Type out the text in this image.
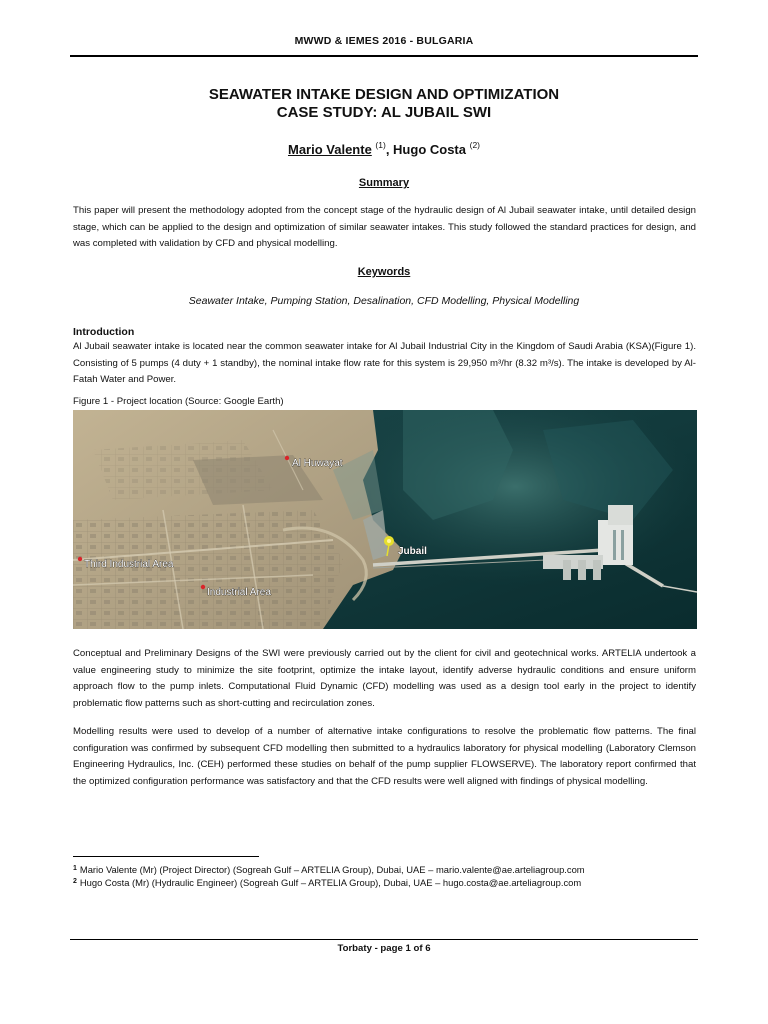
MWWD & IEMES 2016 - BULGARIA
SEAWATER INTAKE DESIGN AND OPTIMIZATION
CASE STUDY: AL JUBAIL SWI
Mario Valente $^{(1)}$, Hugo Costa $^{(2)}$
Summary

This paper will present the methodology adopted from the concept stage of the hydraulic design of Al Jubail seawater intake, until detailed design stage, which can be applied to the design and optimization of similar seawater intakes. This study followed the standard practices for design, and was completed with validation by CFD and physical modelling.

Keywords
Seawater Intake, Pumping Station, Desalination, CFD Modelling, Physical Modelling
Introduction

Al Jubail seawater intake is located near the common seawater intake for Al Jubail Industrial City in the Kingdom of Saudi Arabia (KSA)(Figure 1). Consisting of 5 pumps (4 duty + 1 standby), the nominal intake flow rate for this system is 29,950 m³/hr (8.32 m³/s). The intake is developed by Al-Fatah Water and Power.

Figure 1 - Project location (Source: Google Earth)
Al Huwayat
Jubail
Third Industrial Area
Industrial Area

Conceptual and Preliminary Designs of the SWI were previously carried out by the client for civil and geotechnical works. ARTELIA undertook a value engineering study to minimize the site footprint, optimize the intake layout, identify adverse hydraulic conditions and ensure uniform approach flow to the pump inlets. Computational Fluid Dynamic (CFD) modelling was used as a design tool early in the project to identify problematic flow patterns such as short-cutting and recirculation zones.

Modelling results were used to develop of a number of alternative intake configurations to resolve the problematic flow patterns. The final configuration was confirmed by subsequent CFD modelling then submitted to a hydraulics laboratory for physical modelling (Laboratory Clemson Engineering Hydraulics, Inc. (CEH) performed these studies on behalf of the pump supplier FLOWSERVE). The laboratory report confirmed that the optimized configuration performance was satisfactory and that the CFD results were well aligned with findings of physical modelling.

$^1$ Mario Valente (Mr) (Project Director) (Sogreah Gulf – ARTELIA Group), Dubai, UAE – mario.valente@ae.arteliagroup.com
$^2$ Hugo Costa (Mr) (Hydraulic Engineer) (Sogreah Gulf – ARTELIA Group), Dubai, UAE – hugo.costa@ae.arteliagroup.com
Torbaty - page 1 of 6
